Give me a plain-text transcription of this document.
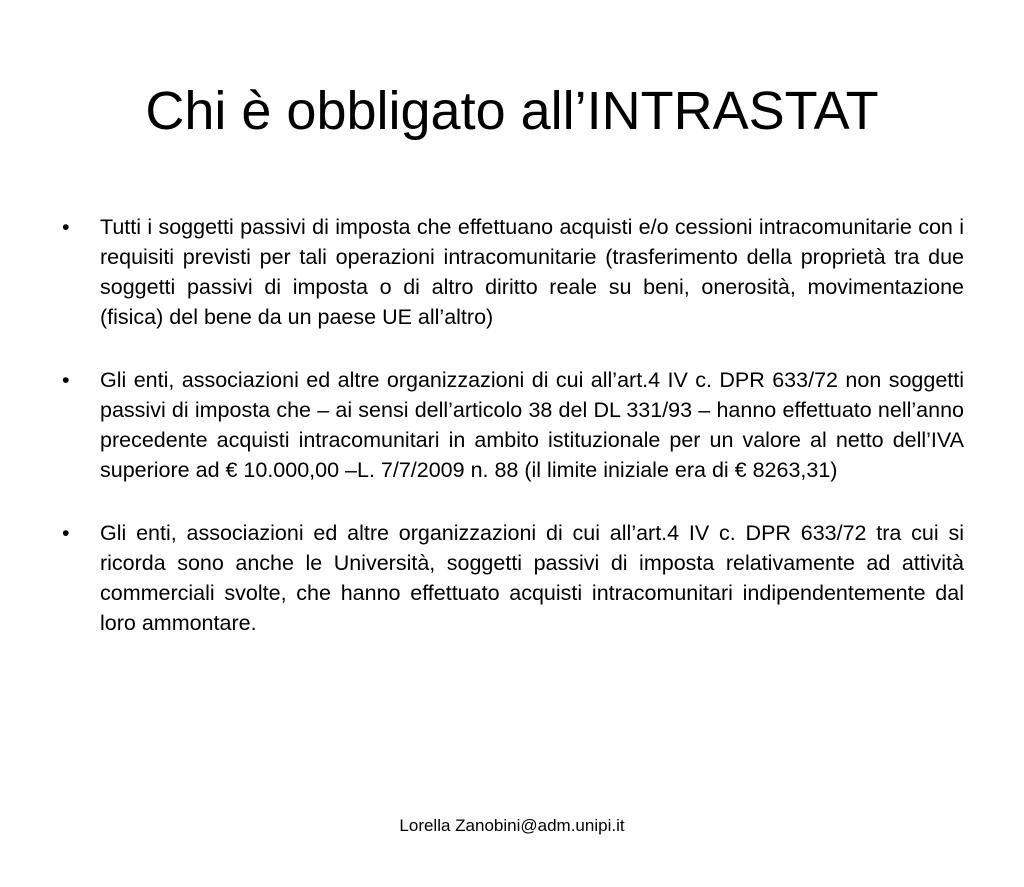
Chi è obbligato all’INTRASTAT
•	Tutti i soggetti passivi di imposta che effettuano acquisti e/o cessioni intracomunitarie con i requisiti previsti per tali operazioni intracomunitarie (trasferimento della proprietà tra due soggetti passivi di imposta o di altro diritto reale su beni, onerosità, movimentazione (fisica) del bene da un paese UE all’altro)
•	Gli enti, associazioni ed altre organizzazioni di cui all’art.4 IV c. DPR 633/72 non soggetti passivi di imposta che – ai sensi dell’articolo 38 del DL 331/93 – hanno effettuato nell’anno precedente acquisti intracomunitari in ambito istituzionale per un valore al netto dell’IVA superiore ad € 10.000,00 –L. 7/7/2009 n. 88 (il limite iniziale era di € 8263,31)
•	Gli enti, associazioni ed altre organizzazioni di cui all’art.4 IV c. DPR 633/72 tra cui si ricorda sono anche le Università, soggetti passivi di imposta relativamente ad attività commerciali svolte, che hanno effettuato acquisti intracomunitari indipendentemente dal loro ammontare.
Lorella Zanobini@adm.unipi.it
